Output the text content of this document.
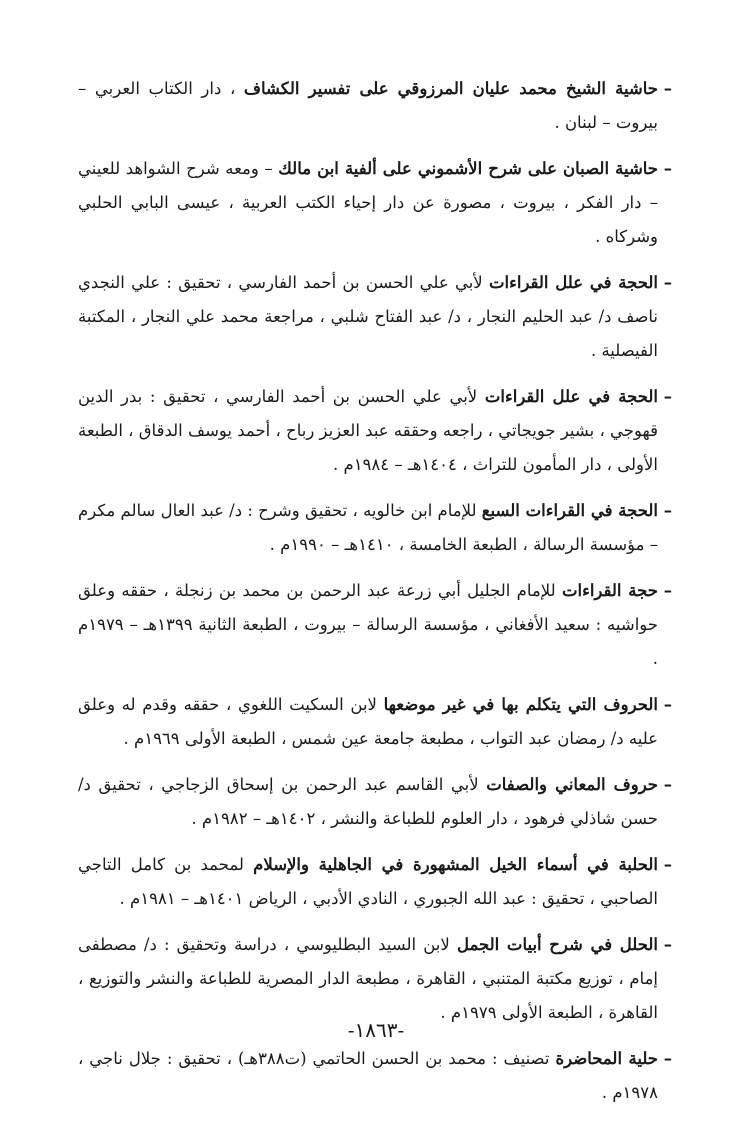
–
حاشية الشيخ محمد عليان المرزوقي على تفسير الكشاف ، دار الكتاب العربي – بيروت – لبنان .
–
حاشية الصبان على شرح الأشموني على ألفية ابن مالك – ومعه شرح الشواهد للعيني – دار الفكر ، بيروت ، مصورة عن دار إحياء الكتب العربية ، عيسى البابي الحلبي وشركاه .
–
الحجة في علل القراءات لأبي علي الحسن بن أحمد الفارسي ، تحقيق : علي النجدي ناصف د/ عبد الحليم النجار ، د/ عبد الفتاح شلبي ، مراجعة محمد علي النجار ، المكتبة الفيصلية .
–
الحجة في علل القراءات لأبي علي الحسن بن أحمد الفارسي ، تحقيق : بدر الدين قهوجي ، بشير جويجاتي ، راجعه وحققه عبد العزيز رباح ، أحمد يوسف الدقاق ، الطبعة الأولى ، دار المأمون للتراث ، ١٤٠٤هـ – ١٩٨٤م .
–
الحجة في القراءات السبع للإمام ابن خالويه ، تحقيق وشرح : د/ عبد العال سالم مكرم – مؤسسة الرسالة ، الطبعة الخامسة ، ١٤١٠هـ – ١٩٩٠م .
–
حجة القراءات للإمام الجليل أبي زرعة عبد الرحمن بن محمد بن زنجلة ، حققه وعلق حواشيه : سعيد الأفغاني ، مؤسسة الرسالة – بيروت ، الطبعة الثانية ١٣٩٩هـ – ١٩٧٩م .
–
الحروف التي يتكلم بها في غير موضعها لابن السكيت اللغوي ، حققه وقدم له وعلق عليه د/ رمضان عبد التواب ، مطبعة جامعة عين شمس ، الطبعة الأولى ١٩٦٩م .
–
حروف المعاني والصفات لأبي القاسم عبد الرحمن بن إسحاق الزجاجي ، تحقيق د/ حسن شاذلي فرهود ، دار العلوم للطباعة والنشر ، ١٤٠٢هـ – ١٩٨٢م .
–
الحلبة في أسماء الخيل المشهورة في الجاهلية والإسلام لمحمد بن كامل التاجي الصاحبي ، تحقيق : عبد الله الجبوري ، النادي الأدبي ، الرياض ١٤٠١هـ – ١٩٨١م .
–
الحلل في شرح أبيات الجمل لابن السيد البطليوسي ، دراسة وتحقيق : د/ مصطفى إمام ، توزيع مكتبة المتنبي ، القاهرة ، مطبعة الدار المصرية للطباعة والنشر والتوزيع ، القاهرة ، الطبعة الأولى ١٩٧٩م .
–
حلية المحاضرة تصنيف : محمد بن الحسن الحاتمي (ت٣٨٨هـ) ، تحقيق : جلال ناجي ، ١٩٧٨م .
-١٨٦٣-
